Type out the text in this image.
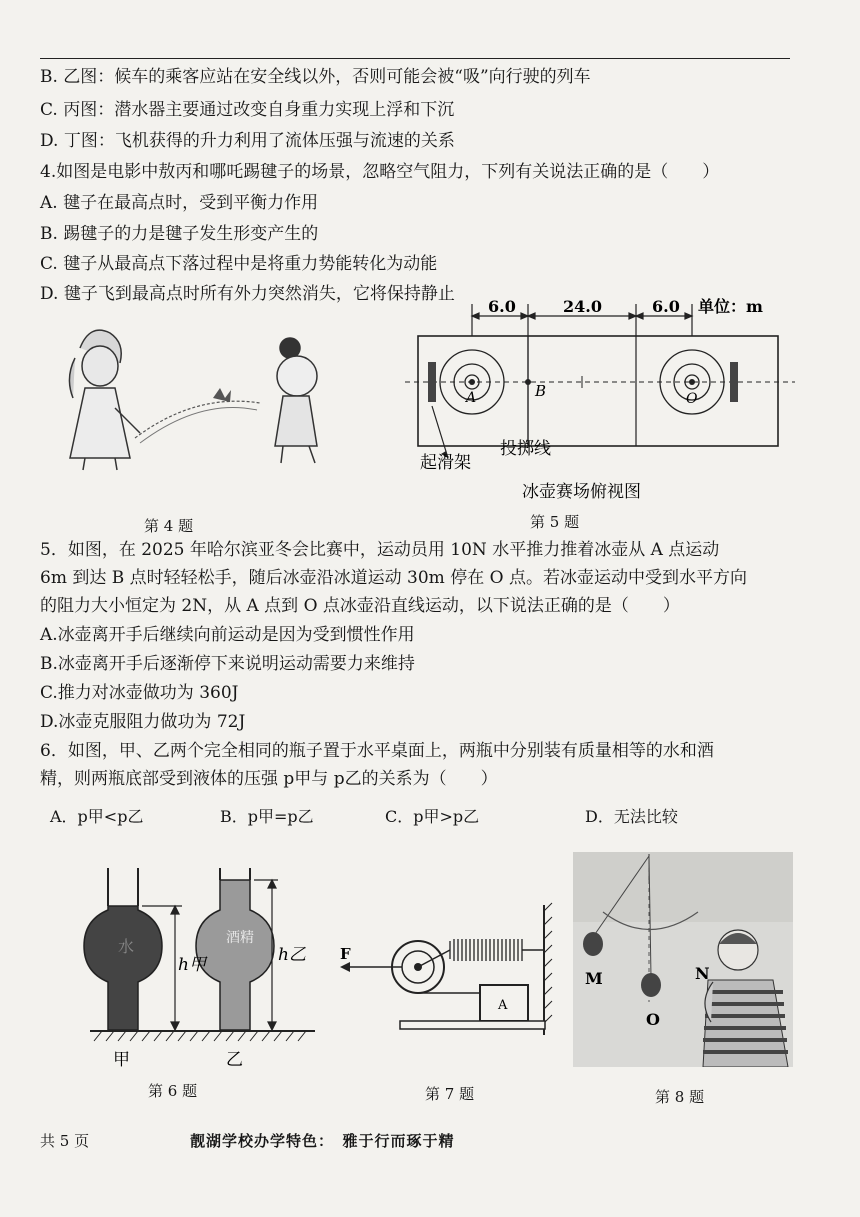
B. 乙图：候车的乘客应站在安全线以外，否则可能会被“吸”向行驶的列车
C. 丙图：潜水器主要通过改变自身重力实现上浮和下沉
D. 丁图：飞机获得的升力利用了流体压强与流速的关系
4.如图是电影中敖丙和哪吒踢毽子的场景，忽略空气阻力，下列有关说法正确的是（　　）
A. 毽子在最高点时，受到平衡力作用
B. 踢毽子的力是毽子发生形变产生的
C. 毽子从最高点下落过程中是将重力势能转化为动能
D. 毽子飞到最高点时所有外力突然消失，它将保持静止
第 4 题
6.0	24.0	6.0 单位：m
A	B	O
起滑架
投掷线
冰壶赛场俯视图
第 5 题
5．如图，在 2025 年哈尔滨亚冬会比赛中，运动员用 10N 水平推力推着冰壶从 A 点运动
6m 到达 B 点时轻轻松手，随后冰壶沿冰道运动 30m 停在 O 点。若冰壶运动中受到水平方向
的阻力大小恒定为 2N，从 A 点到 O 点冰壶沿直线运动，以下说法正确的是（　　）
A.冰壶离开手后继续向前运动是因为受到惯性作用
B.冰壶离开手后逐渐停下来说明运动需要力来维持
C.推力对冰壶做功为 360J
D.冰壶克服阻力做功为 72J
6．如图，甲、乙两个完全相同的瓶子置于水平桌面上，两瓶中分别装有质量相等的水和酒
精，则两瓶底部受到液体的压强 p甲与 p乙的关系为（　　）
A．p甲<p乙	B．p甲=p乙	C．p甲>p乙	D．无法比较
水	酒精
h甲	h乙
甲	乙
第 6 题
F
A
第 7 题
M	N
O
第 8 题
共 5 页	靓湖学校办学特色：　雅于行而琢于精
